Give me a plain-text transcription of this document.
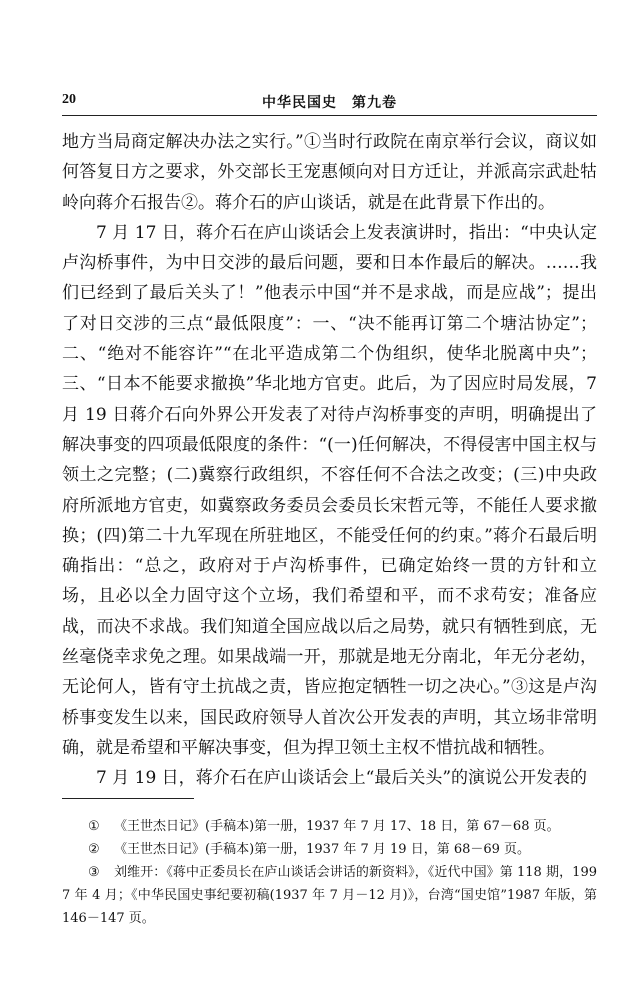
20	中华民国史　第九卷

地方当局商定解决办法之实行。”①当时行政院在南京举行会议，商议如何答复日方之要求，外交部长王宠惠倾向对日方迁让，并派高宗武赴牯岭向蒋介石报告②。蒋介石的庐山谈话，就是在此背景下作出的。

7 月 17 日，蒋介石在庐山谈话会上发表演讲时，指出：“中央认定卢沟桥事件，为中日交涉的最后问题，要和日本作最后的解决。……我们已经到了最后关头了！”他表示中国“并不是求战，而是应战”；提出了对日交涉的三点“最低限度”：一、“决不能再订第二个塘沽协定”；二、“绝对不能容许”“在北平造成第二个伪组织，使华北脱离中央”；三、“日本不能要求撤换”华北地方官吏。此后，为了因应时局发展，7 月 19 日蒋介石向外界公开发表了对待卢沟桥事变的声明，明确提出了解决事变的四项最低限度的条件：“(一)任何解决，不得侵害中国主权与领土之完整；(二)冀察行政组织，不容任何不合法之改变；(三)中央政府所派地方官吏，如冀察政务委员会委员长宋哲元等，不能任人要求撤换；(四)第二十九军现在所驻地区，不能受任何的约束。”蒋介石最后明确指出：“总之，政府对于卢沟桥事件，已确定始终一贯的方针和立场，且必以全力固守这个立场，我们希望和平，而不求苟安；准备应战，而决不求战。我们知道全国应战以后之局势，就只有牺牲到底，无丝毫侥幸求免之理。如果战端一开，那就是地无分南北，年无分老幼，无论何人，皆有守土抗战之责，皆应抱定牺牲一切之决心。”③这是卢沟桥事变发生以来，国民政府领导人首次公开发表的声明，其立场非常明确，就是希望和平解决事变，但为捍卫领土主权不惜抗战和牺牲。

7 月 19 日，蒋介石在庐山谈话会上“最后关头”的演说公开发表的

① 《王世杰日记》(手稿本)第一册，1937 年 7 月 17、18 日，第 67－68 页。

② 《王世杰日记》(手稿本)第一册，1937 年 7 月 19 日，第 68－69 页。

③ 刘维开：《蒋中正委员长在庐山谈话会讲话的新资料》，《近代中国》第 118 期，1997 年 4 月；《中华民国史事纪要初稿(1937 年 7 月－12 月)》，台湾“国史馆”1987 年版，第 146－147 页。
